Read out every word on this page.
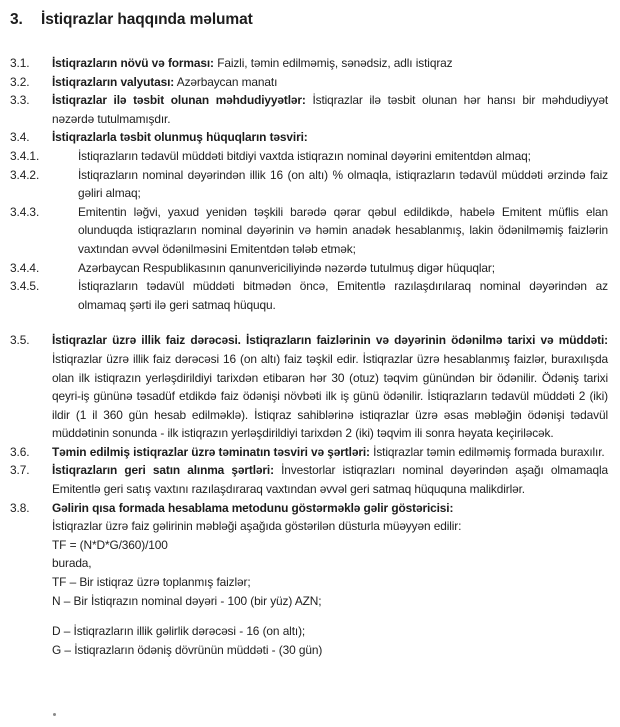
3.	İstiqrazlar haqqında məlumat
3.1. İstiqrazların növü və forması: Faizli, təmin edilməmiş, sənədsiz, adlı istiqraz

3.2. İstiqrazların valyutası: Azərbaycan manatı

3.3. İstiqrazlar ilə təsbit olunan məhdudiyyətlər: İstiqrazlar ilə təsbit olunan hər hansı bir məhdudiyyət nəzərdə tutulmamışdır.

3.4. İstiqrazlarla təsbit olunmuş hüquqların təsviri:

3.4.1.	İstiqrazların tədavül müddəti bitdiyi vaxtda istiqrazın nominal dəyərini emitentdən almaq;

3.4.2.	İstiqrazların nominal dəyərindən illik 16 (on altı) % olmaqla, istiqrazların tədavül müddəti ərzində faiz gəliri almaq;

3.4.3.	Emitentin ləğvi, yaxud yenidən təşkili barədə qərar qəbul edildikdə, habelə Emitent müflis elan olunduqda istiqrazların nominal dəyərinin və həmin anadək hesablanmış, lakin ödənilməmiş faizlərin vaxtından əvvəl ödənilməsini Emitentdən tələb etmək;

3.4.4.	Azərbaycan Respublikasının qanunvericiliyində nəzərdə tutulmuş digər hüquqlar;

3.4.5.	İstiqrazların tədavül müddəti bitmədən öncə, Emitentlə razılaşdırılaraq nominal dəyərindən az olmamaq şərti ilə geri satmaq hüququ.

3.5. İstiqrazlar üzrə illik faiz dərəcəsi. İstiqrazların faizlərinin və dəyərinin ödənilmə tarixi və müddəti: İstiqrazlar üzrə illik faiz dərəcəsi 16 (on altı) faiz təşkil edir. İstiqrazlar üzrə hesablanmış faizlər, buraxılışda olan ilk istiqrazın yerləşdirildiyi tarixdən etibarən hər 30 (otuz) təqvim günündən bir ödənilir. Ödəniş tarixi qeyri-iş gününə təsadüf etdikdə faiz ödənişi növbəti ilk iş günü ödənilir. İstiqrazların tədavül müddəti 2 (iki) ildir (1 il 360 gün hesab edilməklə). İstiqraz sahiblərinə istiqrazlar üzrə əsas məbləğin ödənişi tədavül müddətinin sonunda - ilk istiqrazın yerləşdirildiyi tarixdən 2 (iki) təqvim ili sonra həyata keçiriləcək.

3.6. Təmin edilmiş istiqrazlar üzrə təminatın təsviri və şərtləri: İstiqrazlar təmin edilməmiş formada buraxılır.

3.7. İstiqrazların geri satın alınma şərtləri: İnvestorlar istiqrazları nominal dəyərindən aşağı olmamaqla Emitentlə geri satış vaxtını razılaşdıraraq vaxtından əvvəl geri satmaq hüququna malikdirlər.

3.8. Gəlirin qısa formada hesablama metodunu göstərməklə gəlir göstəricisi:

İstiqrazlar üzrə faiz gəlirinin məbləği aşağıda göstərilən düsturla müəyyən edilir:

TF = (N*D*G/360)/100

burada,

TF – Bir istiqraz üzrə toplanmış faizlər;

N – Bir İstiqrazın nominal dəyəri - 100 (bir yüz) AZN;

D – İstiqrazların illik gəlirlik dərəcəsi - 16 (on altı);

G – İstiqrazların ödəniş dövrünün müddəti - (30 gün)
